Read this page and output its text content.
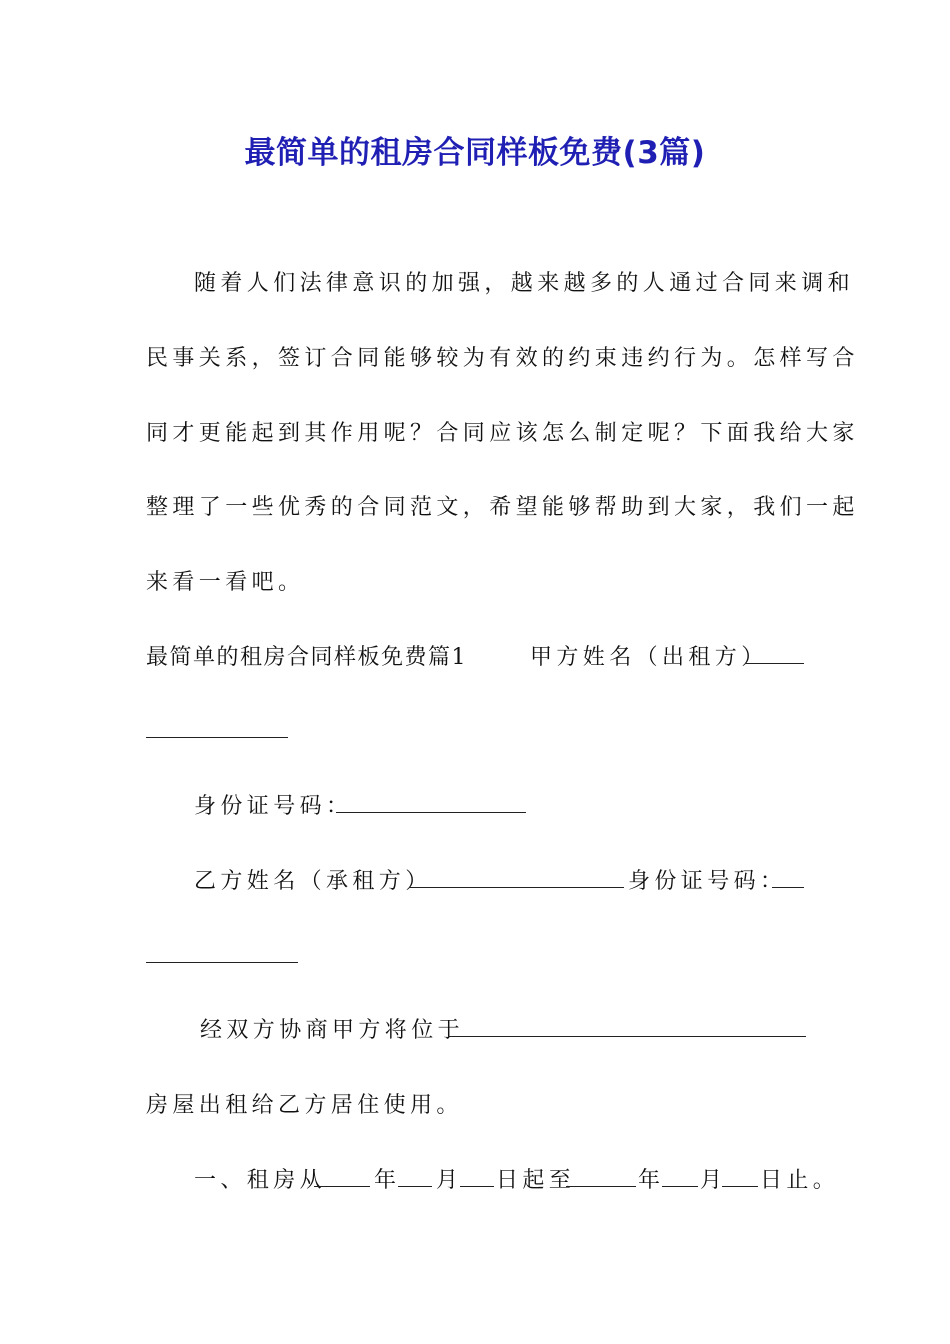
最简单的租房合同样板免费(3篇)
随着人们法律意识的加强，越来越多的人通过合同来调和
民事关系，签订合同能够较为有效的约束违约行为。怎样写合
同才更能起到其作用呢？合同应该怎么制定呢？下面我给大家
整理了一些优秀的合同范文，希望能够帮助到大家，我们一起
来看一看吧。
最简单的租房合同样板免费篇1	甲方姓名（出租方）
身份证号码：
乙方姓名（承租方）	身份证号码：
经双方协商甲方将位于
房屋出租给乙方居住使用。
一、租房从 年 月 日起至	年 月 日止。
